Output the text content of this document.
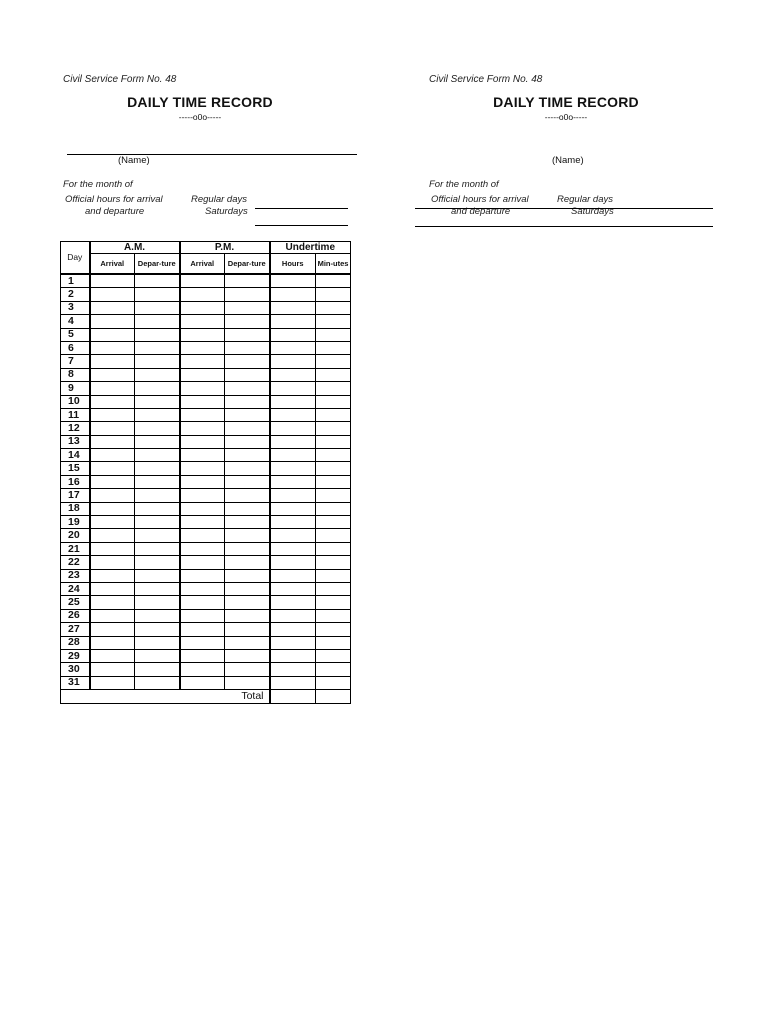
Civil Service Form No. 48
DAILY TIME RECORD
-----o0o-----
(Name)
For the month of
Official hours for arrival
and departure
Regular days
Saturdays
Day	A.M.		P.M.		Undertime	
	Arrival	Depar-ture	Arrival	Depar-ture	Hours	Min-utes
1						
2						
3						
4						
5						
6						
7						
8						
9						
10						
11						
12						
13						
14						
15						
16						
17						
18						
19						
20						
21						
22						
23						
24						
25						
26						
27						
28						
29						
30						
31						
Total						
Civil Service Form No. 48
DAILY TIME RECORD
-----o0o-----
(Name)
For the month of
Official hours for arrival
and departure
Regular days
Saturdays
